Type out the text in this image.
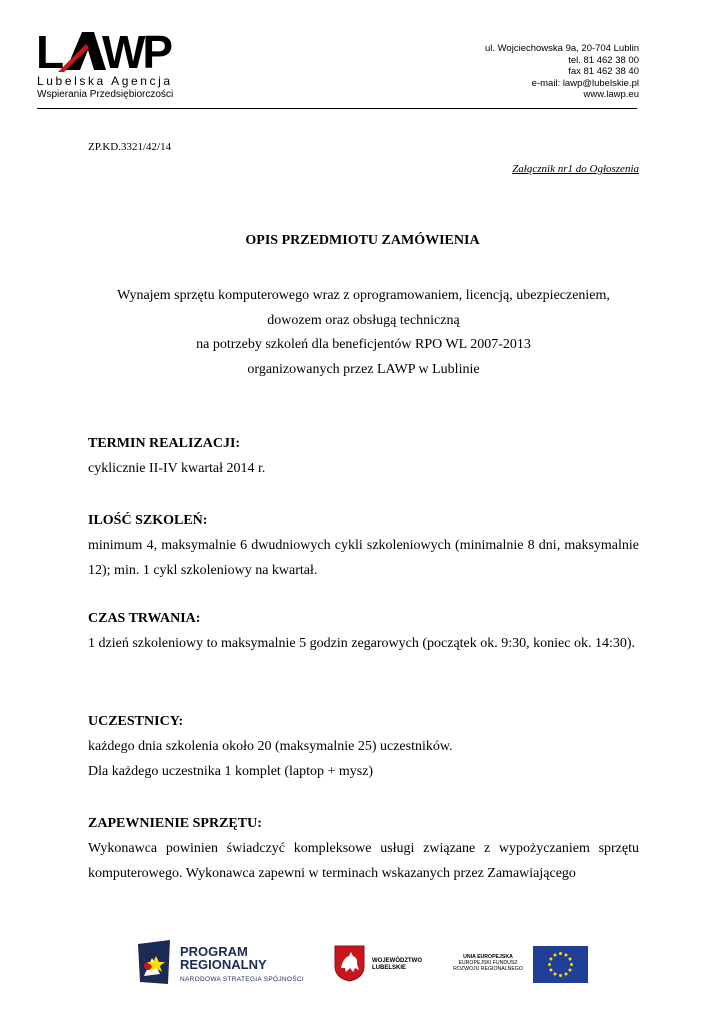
L WP
Lubelska Agencja
Wspierania Przedsiębiorczości
ul. Wojciechowska 9a, 20-704 Lublin
tel. 81 462 38 00
fax 81 462 38 40
e-mail: lawp@lubelskie.pl
www.lawp.eu
ZP.KD.3321/42/14
Załącznik nr1 do Ogłoszenia
OPIS PRZEDMIOTU ZAMÓWIENIA
Wynajem sprzętu komputerowego wraz z oprogramowaniem, licencją, ubezpieczeniem,
dowozem oraz obsługą techniczną
na potrzeby szkoleń dla beneficjentów RPO WL 2007-2013
organizowanych przez LAWP w Lublinie
TERMIN REALIZACJI:

cyklicznie II-IV kwartał 2014 r.

ILOŚĆ SZKOLEŃ:

minimum 4, maksymalnie 6 dwudniowych cykli szkoleniowych (minimalnie 8 dni, maksymalnie 12); min. 1 cykl szkoleniowy na kwartał.

CZAS TRWANIA:

1 dzień szkoleniowy to maksymalnie 5 godzin zegarowych (początek ok. 9:30, koniec ok. 14:30).

UCZESTNICY:

każdego dnia szkolenia około 20 (maksymalnie 25) uczestników.

Dla każdego uczestnika 1 komplet (laptop + mysz)

ZAPEWNIENIE SPRZĘTU:

Wykonawca powinien świadczyć kompleksowe usługi związane z wypożyczaniem sprzętu komputerowego. Wykonawca zapewni w terminach wskazanych przez Zamawiającego

PROGRAM
REGIONALNY
NARODOWA STRATEGIA SPÓJNOŚCI
WOJEWÓDZTWO
LUBELSKIE
UNIA EUROPEJSKA
EUROPEJSKI FUNDUSZ
ROZWOJU REGIONALNEGO
